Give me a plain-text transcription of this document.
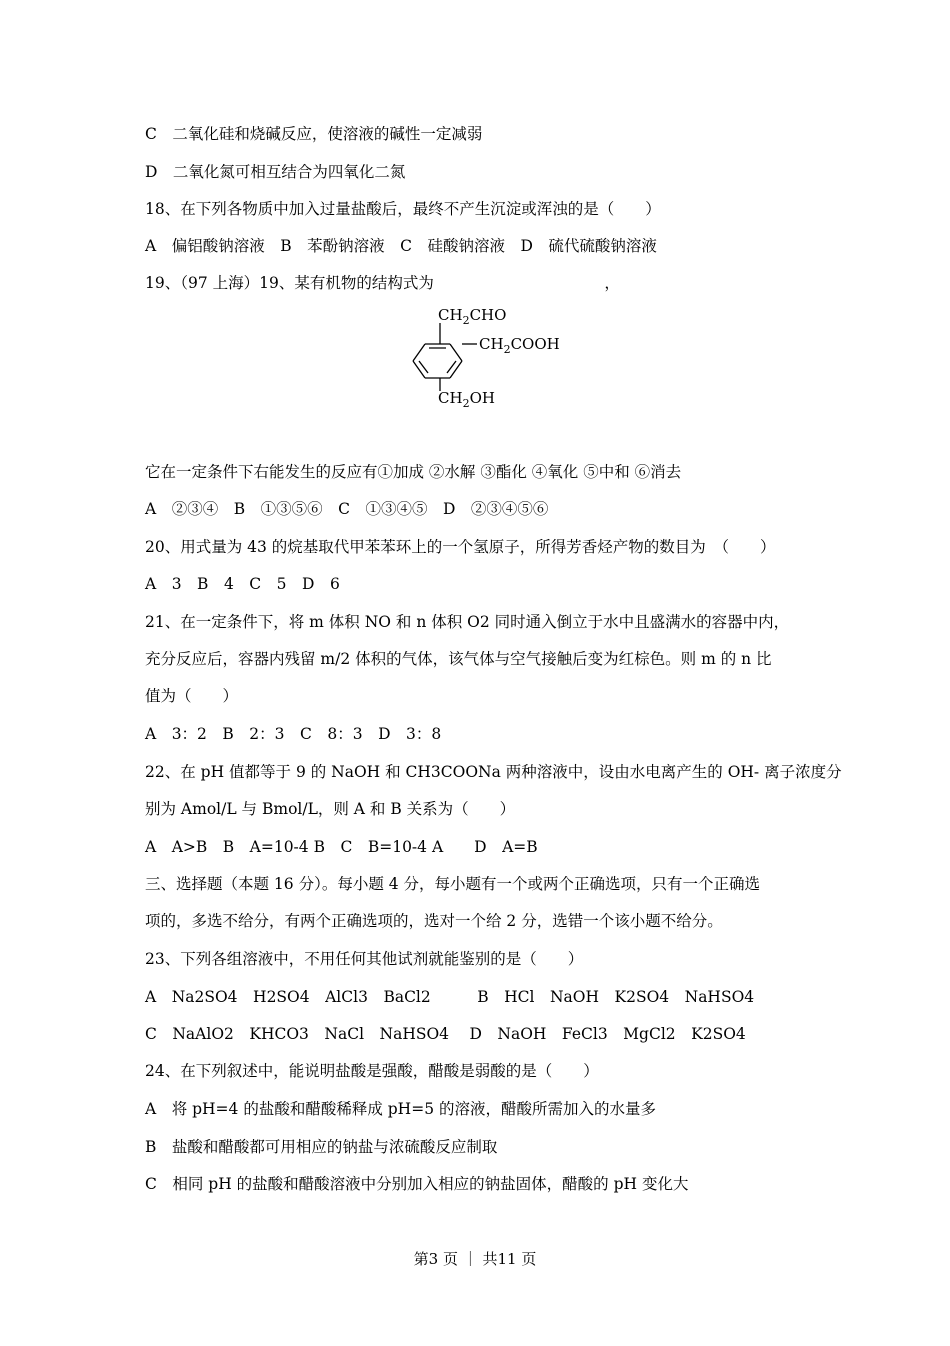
C　二氧化硅和烧碱反应，使溶液的碱性一定减弱
D　二氧化氮可相互结合为四氧化二氮
18、在下列各物质中加入过量盐酸后，最终不产生沉淀或浑浊的是（　　）
A　偏铝酸钠溶液　B　苯酚钠溶液　C　硅酸钠溶液　D　硫代硫酸钠溶液
19、（97 上海）19、某有机物的结构式为　　　　　　　　　　　，
$CH_2CHO$
$CH_2COOH$
$CH_2OH$
它在一定条件下右能发生的反应有①加成 ②水解 ③酯化 ④氧化 ⑤中和 ⑥消去
A　②③④　B　①③⑤⑥　C　①③④⑤　D　②③④⑤⑥
20、用式量为 43 的烷基取代甲苯苯环上的一个氢原子，所得芳香烃产物的数目为　（　　）
A　3　B　4　C　5　D　6
21、在一定条件下，将 m 体积 NO 和 n 体积 O2 同时通入倒立于水中且盛满水的容器中内，
充分反应后，容器内残留 m/2 体积的气体，该气体与空气接触后变为红棕色。则 m 的 n 比
值为（　　）
A　3：2　B　2：3　C　8：3　D　3：8
22、在 pH 值都等于 9 的 NaOH 和 CH3COONa 两种溶液中，设由水电离产生的 OH- 离子浓度分
别为 Amol/L 与 Bmol/L，则 A 和 B 关系为（　　）
A　A>B　B　A=10-4 B　C　B=10-4 A　　D　A=B
三、选择题（本题 16 分）。每小题 4 分，每小题有一个或两个正确选项，只有一个正确选
项的，多选不给分，有两个正确选项的，选对一个给 2 分，选错一个该小题不给分。
23、下列各组溶液中，不用任何其他试剂就能鉴别的是（　　）
A　Na2SO4　H2SO4　AlCl3　BaCl2　　　B　HCl　NaOH　K2SO4　NaHSO4
C　NaAlO2　KHCO3　NaCl　NaHSO4　 D　NaOH　FeCl3　MgCl2　K2SO4
24、在下列叙述中，能说明盐酸是强酸，醋酸是弱酸的是（　　）
A　将 pH=4 的盐酸和醋酸稀释成 pH=5 的溶液，醋酸所需加入的水量多
B　盐酸和醋酸都可用相应的钠盐与浓硫酸反应制取
C　相同 pH 的盐酸和醋酸溶液中分别加入相应的钠盐固体，醋酸的 pH 变化大
第3 页 ｜ 共11 页
